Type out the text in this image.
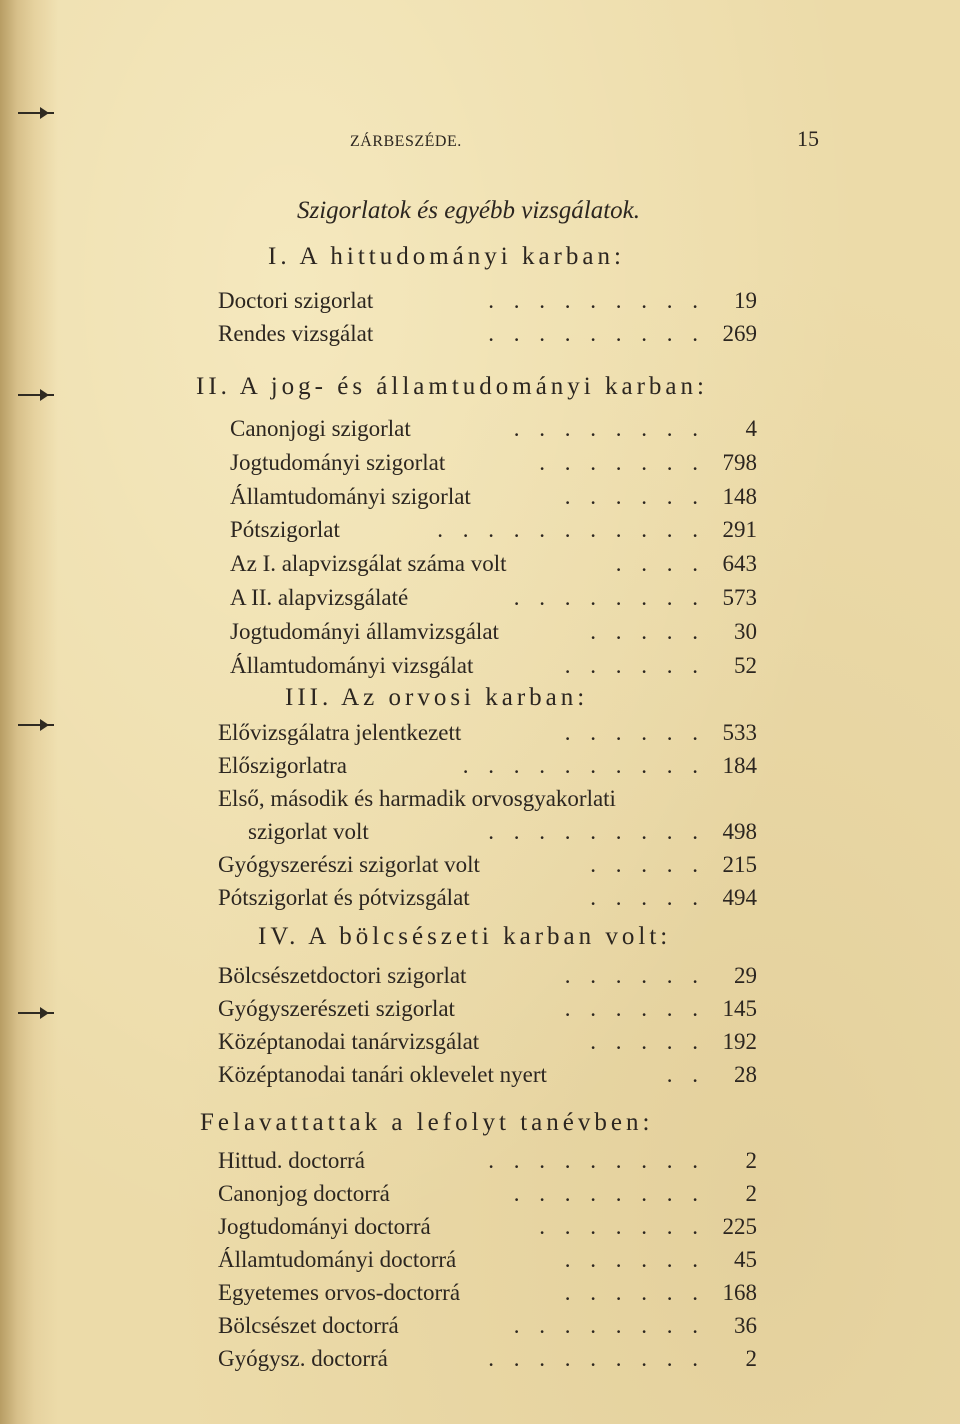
ZÁRBESZÉDE.	15
Szigorlatok és egyébb vizsgálatok.
I. A hittudományi karban:
Doctori szigorlat	. . . . . . . . .	19
Rendes vizsgálat	. . . . . . . . . 269
II. A jog- és államtudományi karban:
Canonjogi szigorlat	. . . . . . . .	4
Jogtudományi szigorlat	. . . . . . . 798
Államtudományi szigorlat	. . . . . . 148
Pótszigorlat	. . . . . . . . . . . 291
Az I. alapvizsgálat száma volt	. . . . 643
A II. alapvizsgálaté	. . . . . . . . 573
Jogtudományi államvizsgálat	. . . . .	30
Államtudományi vizsgálat	. . . . . .	52
III. Az orvosi karban:
Elővizsgálatra jelentkezett	. . . . . . 533
Előszigorlatra	. . . . . . . . . . 184
Első, második és harmadik orvosgyakorlati
szigorlat volt	. . . . . . . . . 498
Gyógyszerészi szigorlat volt	. . . . . 215
Pótszigorlat és pótvizsgálat	. . . . . 494
IV. A bölcsészeti karban volt:
Bölcsészetdoctori szigorlat	. . . . . .	29
Gyógyszerészeti szigorlat	. . . . . . 145
Középtanodai tanárvizsgálat	. . . . . 192
Középtanodai tanári oklevelet nyert	. .	28
Felavattattak a lefolyt tanévben:
Hittud. doctorrá	. . . . . . . . .	2
Canonjog doctorrá	. . . . . . . .	2
Jogtudományi doctorrá	. . . . . . . 225
Államtudományi doctorrá	. . . . . .	45
Egyetemes orvos-doctorrá	. . . . . . 168
Bölcsészet doctorrá	. . . . . . . .	36
Gyógysz. doctorrá	. . . . . . . . .	2
